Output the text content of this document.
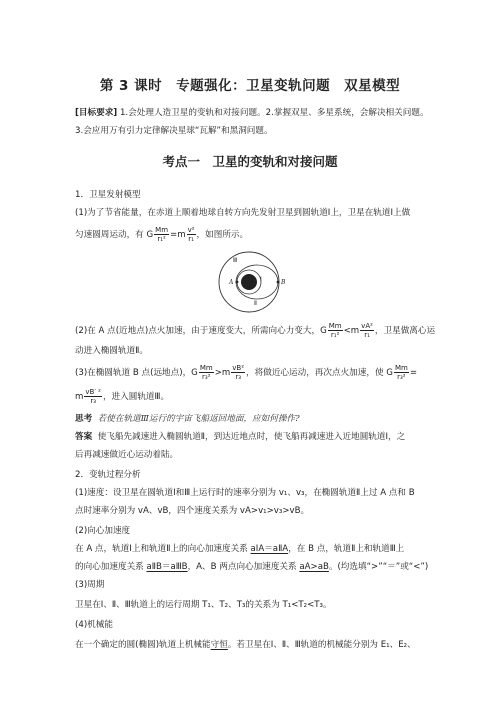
第 3 课时　专题强化：卫星变轨问题　双星模型
[目标要求] 1.会处理人造卫星的变轨和对接问题。2.掌握双星、多星系统，会解决相关问题。
3.会应用万有引力定律解决星球“瓦解”和黑洞问题。
考点一　卫星的变轨和对接问题
1．卫星发射模型
(1)为了节省能量，在赤道上顺着地球自转方向先发射卫星到圆轨道Ⅰ上，卫星在轨道Ⅰ上做
匀速圆周运动，有 G $\frac{Mm}{\text{r₁²}} =m \frac{\text{v²}}{\text{r₁}}$ ，如图所示。
Ⅲ
Ⅰ
Ⅱ
A	B
(2)在 A 点(近地点)点火加速，由于速度变大，所需向心力变大，G $\frac{Mm}{\text{r₁²}} <m \frac{\text{vA²}}{\text{r₁}}$ ，卫星做离心运
动进入椭圆轨道Ⅱ。
(3)在椭圆轨道 B 点(远地点)，G $\frac{Mm}{\text{r₃²}} >m \frac{\text{vB²}}{\text{r₃}}$ ，将做近心运动，再次点火加速，使 G $\frac{Mm}{\text{r₃²}}$ =
m $\frac{\text{vB′ ²}}{\text{r₃}}$ ，进入圆轨道Ⅲ。
思考 若使在轨道Ⅲ运行的宇宙飞船返回地面，应如何操作?
答案 使飞船先减速进入椭圆轨道Ⅱ，到达近地点时，使飞船再减速进入近地圆轨道Ⅰ，之
后再减速做近心运动着陆。
2．变轨过程分析
(1)速度：设卫星在圆轨道Ⅰ和Ⅲ上运行时的速率分别为 v₁、v₃，在椭圆轨道Ⅱ上过 A 点和 B
点时速率分别为 vA、vB，四个速度关系为 vA>v₁>v₃>vB。
(2)向心加速度
在 A 点，轨道Ⅰ上和轨道Ⅱ上的向心加速度关系 aⅠA＝aⅡA，在 B 点，轨道Ⅱ上和轨道Ⅲ上
的向心加速度关系 aⅡB＝aⅢB，A、B 两点向心加速度关系 aA>aB。(均选填“>”“＝”或“<”)
(3)周期
卫星在Ⅰ、Ⅱ、Ⅲ轨道上的运行周期 T₁、T₂、T₃的关系为 T₁<T₂<T₃。
(4)机械能
在一个确定的圆(椭圆)轨道上机械能守恒。若卫星在Ⅰ、Ⅱ、Ⅲ轨道的机械能分别为 E₁、E₂、
